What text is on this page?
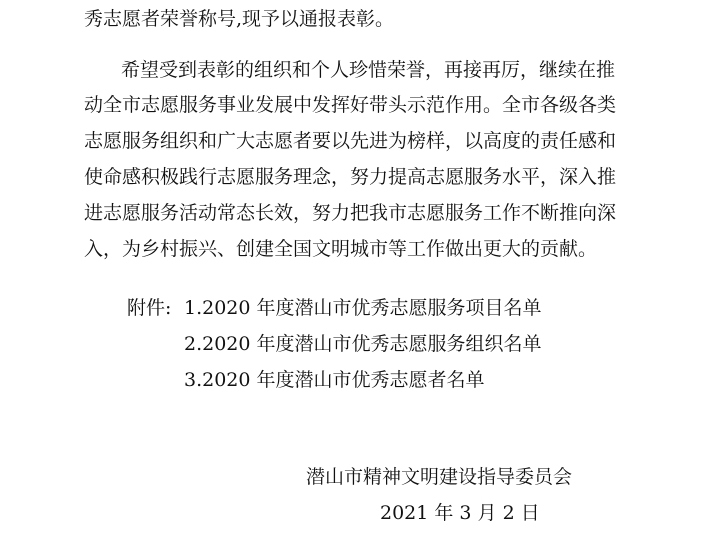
秀志愿者荣誉称号,现予以通报表彰。
希望受到表彰的组织和个人珍惜荣誉，再接再厉，继续在推
动全市志愿服务事业发展中发挥好带头示范作用。全市各级各类
志愿服务组织和广大志愿者要以先进为榜样，以高度的责任感和
使命感积极践行志愿服务理念，努力提高志愿服务水平，深入推
进志愿服务活动常态长效，努力把我市志愿服务工作不断推向深
入，为乡村振兴、创建全国文明城市等工作做出更大的贡献。
附件: 1.2020 年度潜山市优秀志愿服务项目名单
2.2020 年度潜山市优秀志愿服务组织名单
3.2020 年度潜山市优秀志愿者名单
潜山市精神文明建设指导委员会
2021 年 3 月 2 日
